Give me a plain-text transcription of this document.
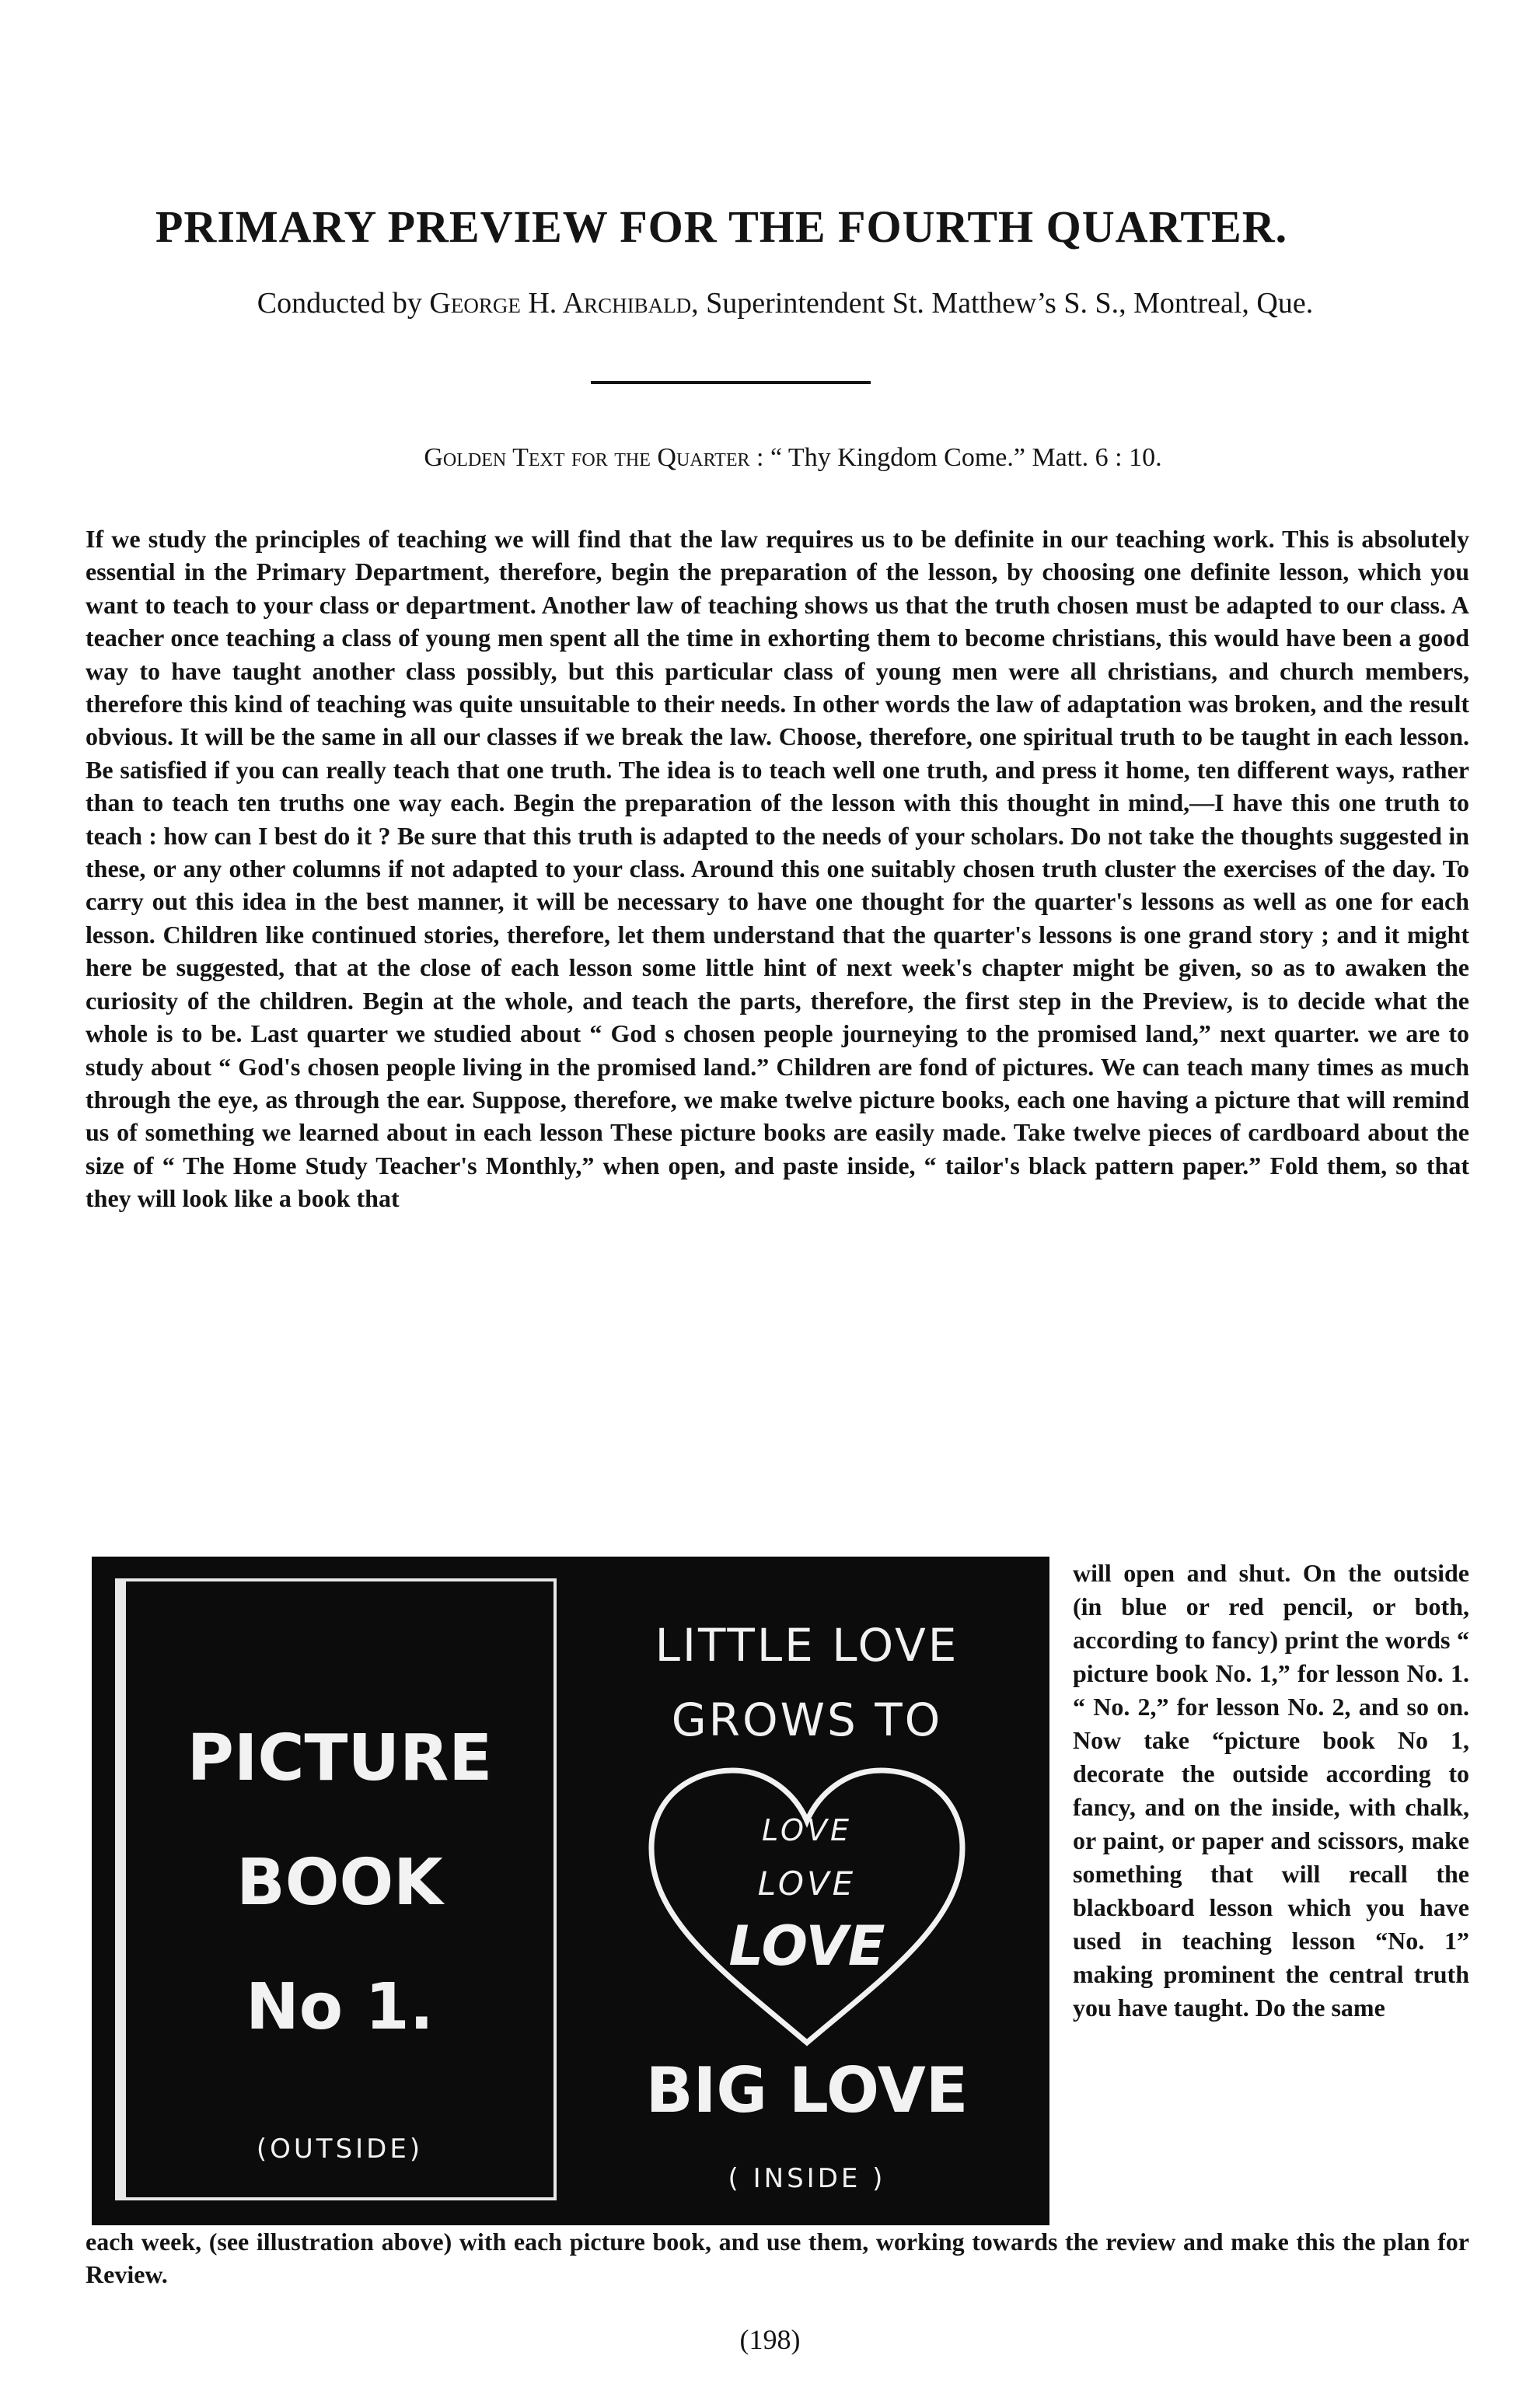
PRIMARY PREVIEW FOR THE FOURTH QUARTER.

Conducted by George H. Archibald, Superintendent St. Matthew’s S. S., Montreal, Que.

Golden Text for the Quarter : “ Thy Kingdom Come.” Matt. 6 : 10.

If we study the principles of teaching we will find that the law requires us to be definite in our teaching work. This is absolutely essential in the Primary Department, therefore, begin the preparation of the lesson, by choosing one definite lesson, which you want to teach to your class or department. Another law of teaching shows us that the truth chosen must be adapted to our class. A teacher once teaching a class of young men spent all the time in exhorting them to become christians, this would have been a good way to have taught another class possibly, but this particular class of young men were all christians, and church members, therefore this kind of teaching was quite unsuitable to their needs. In other words the law of adaptation was broken, and the result obvious. It will be the same in all our classes if we break the law. Choose, therefore, one spiritual truth to be taught in each lesson. Be satisfied if you can really teach that one truth. The idea is to teach well one truth, and press it home, ten different ways, rather than to teach ten truths one way each. Begin the preparation of the lesson with this thought in mind,—I have this one truth to teach : how can I best do it ? Be sure that this truth is adapted to the needs of your scholars. Do not take the thoughts suggested in these, or any other columns if not adapted to your class. Around this one suitably chosen truth cluster the exercises of the day. To carry out this idea in the best manner, it will be necessary to have one thought for the quarter's lessons as well as one for each lesson. Children like continued stories, therefore, let them understand that the quarter's lessons is one grand story ; and it might here be suggested, that at the close of each lesson some little hint of next week's chapter might be given, so as to awaken the curiosity of the children. Begin at the whole, and teach the parts, therefore, the first step in the Preview, is to decide what the whole is to be. Last quarter we studied about “ God s chosen people journeying to the promised land,” next quarter. we are to study about “ God's chosen people living in the promised land.” Children are fond of pictures. We can teach many times as much through the eye, as through the ear. Suppose, therefore, we make twelve picture books, each one having a picture that will remind us of something we learned about in each lesson These picture books are easily made. Take twelve pieces of cardboard about the size of “ The Home Study Teacher's Monthly,” when open, and paste inside, “ tailor's black pattern paper.” Fold them, so that they will look like a book that

PICTURE
BOOK
No 1.
(OUTSIDE)
LITTLE LOVE
GROWS TO
LOVE
LOVE
LOVE
BIG LOVE
( INSIDE )

will open and shut. On the outside (in blue or red pencil, or both, according to fancy) print the words “ picture book No. 1,” for lesson No. 1. “ No. 2,” for lesson No. 2, and so on. Now take “picture book No 1, decorate the outside according to fancy, and on the inside, with chalk, or paint, or paper and scissors, make something that will recall the blackboard lesson which you have used in teaching lesson “No. 1” making prominent the central truth you have taught. Do the same

each week, (see illustration above) with each picture book, and use them, working towards the review and make this the plan for Review.

(198)
